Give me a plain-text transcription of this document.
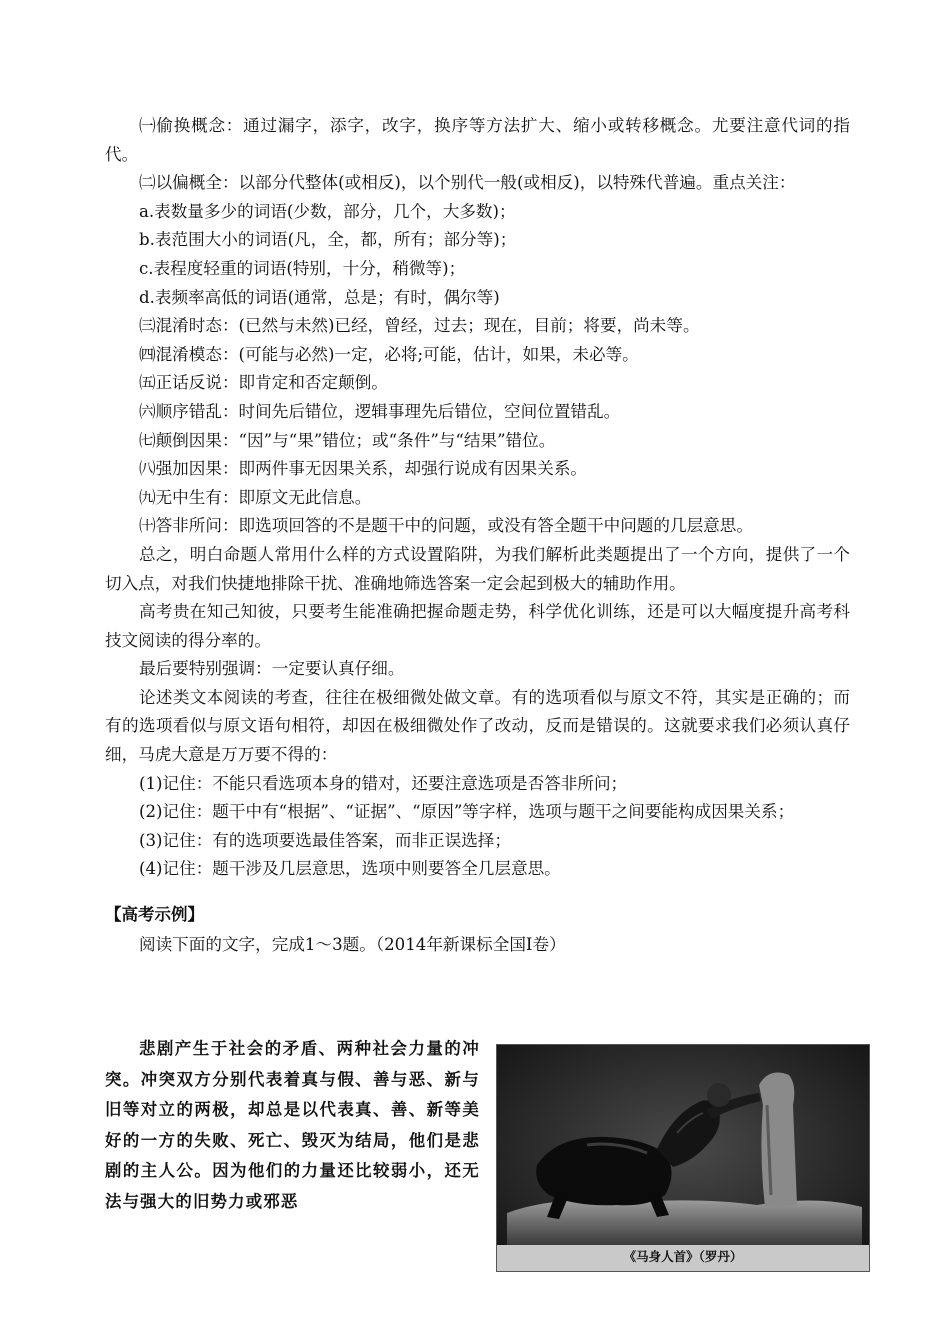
㈠偷换概念：通过漏字，添字，改字，换序等方法扩大、缩小或转移概念。尤要注意代词的指代。

㈡以偏概全：以部分代整体(或相反)，以个别代一般(或相反)，以特殊代普遍。重点关注：

a.表数量多少的词语(少数，部分，几个，大多数)；

b.表范围大小的词语(凡，全，都，所有；部分等)；

c.表程度轻重的词语(特别，十分，稍微等)；

d.表频率高低的词语(通常，总是；有时，偶尔等)

㈢混淆时态：(已然与未然)已经，曾经，过去；现在，目前；将要，尚未等。

㈣混淆模态：(可能与必然)一定，必将;可能，估计，如果，未必等。

㈤正话反说：即肯定和否定颠倒。

㈥顺序错乱：时间先后错位，逻辑事理先后错位，空间位置错乱。

㈦颠倒因果：“因”与“果”错位；或“条件”与“结果”错位。

㈧强加因果：即两件事无因果关系，却强行说成有因果关系。

㈨无中生有：即原文无此信息。

㈩答非所问：即选项回答的不是题干中的问题，或没有答全题干中问题的几层意思。

总之，明白命题人常用什么样的方式设置陷阱，为我们解析此类题提出了一个方向，提供了一个切入点，对我们快捷地排除干扰、准确地筛选答案一定会起到极大的辅助作用。

高考贵在知己知彼，只要考生能准确把握命题走势，科学优化训练，还是可以大幅度提升高考科技文阅读的得分率的。

最后要特别强调：一定要认真仔细。

论述类文本阅读的考查，往往在极细微处做文章。有的选项看似与原文不符，其实是正确的；而有的选项看似与原文语句相符，却因在极细微处作了改动，反而是错误的。这就要求我们必须认真仔细，马虎大意是万万要不得的：

(1)记住：不能只看选项本身的错对，还要注意选项是否答非所问；

(2)记住：题干中有“根据”、“证据”、“原因”等字样，选项与题干之间要能构成因果关系；

(3)记住：有的选项要选最佳答案，而非正误选择；

(4)记住：题干涉及几层意思，选项中则要答全几层意思。

【高考示例】

阅读下面的文字，完成1～3题。（2014年新课标全国Ⅰ卷）

悲剧产生于社会的矛盾、两种社会力量的冲突。冲突双方分别代表着真与假、善与恶、新与旧等对立的两极，却总是以代表真、善、新等美好的一方的失败、死亡、毁灭为结局，他们是悲剧的主人公。因为他们的力量还比较弱小，还无法与强大的旧势力或邪恶

《马身人首》（罗丹）
